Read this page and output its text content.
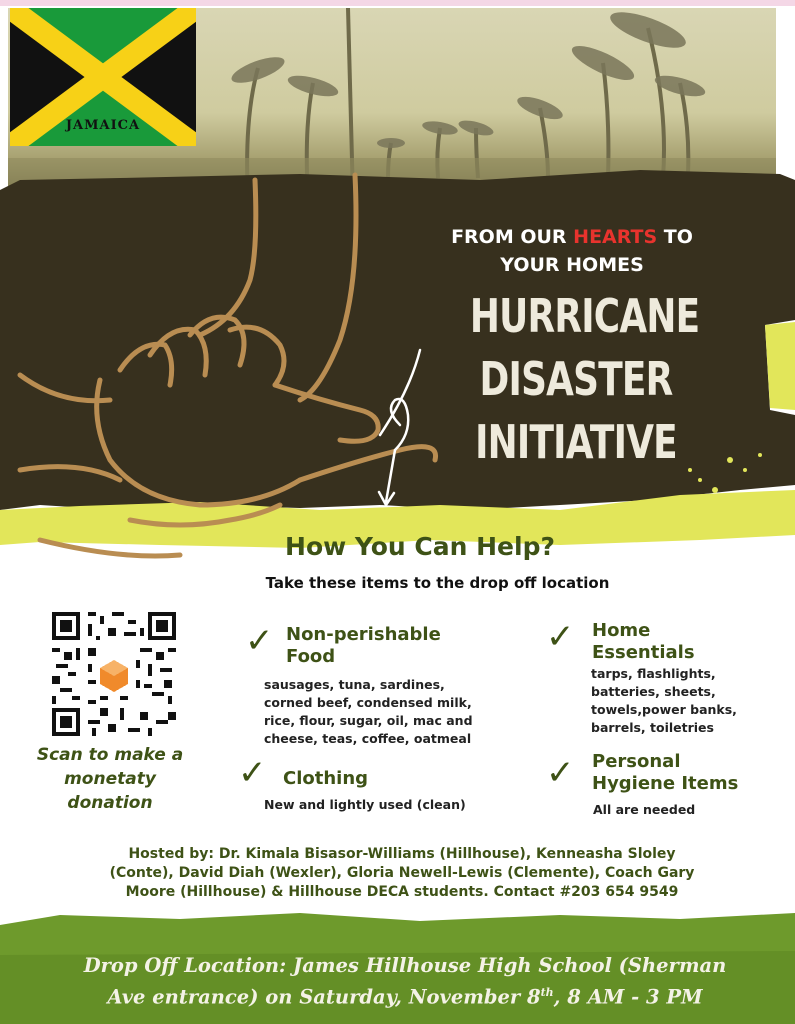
JAMAICA
FROM OUR HEARTS TO
YOUR HOMES
HURRICANE
DISASTER
INITIATIVE
How You Can Help?
Take these items to the drop off location
Scan to make a
monetaty donation
✓ Non-perishable
Food
sausages, tuna, sardines,
corned beef, condensed milk,
rice, flour, sugar, oil, mac and
cheese, teas, coffee, oatmeal
✓ Clothing
New and lightly used (clean)
✓ Home
Essentials
tarps, flashlights,
batteries, sheets,
towels,power banks,
barrels, toiletries
✓ Personal
Hygiene Items
All are needed
Hosted by: Dr. Kimala Bisasor-Williams (Hillhouse), Kenneasha Sloley
(Conte), David Diah (Wexler), Gloria Newell-Lewis (Clemente), Coach Gary
Moore (Hillhouse) & Hillhouse DECA students. Contact #203 654 9549
Drop Off Location: James Hillhouse High School (Sherman
Ave entrance) on Saturday, November 8th, 8 AM - 3 PM
